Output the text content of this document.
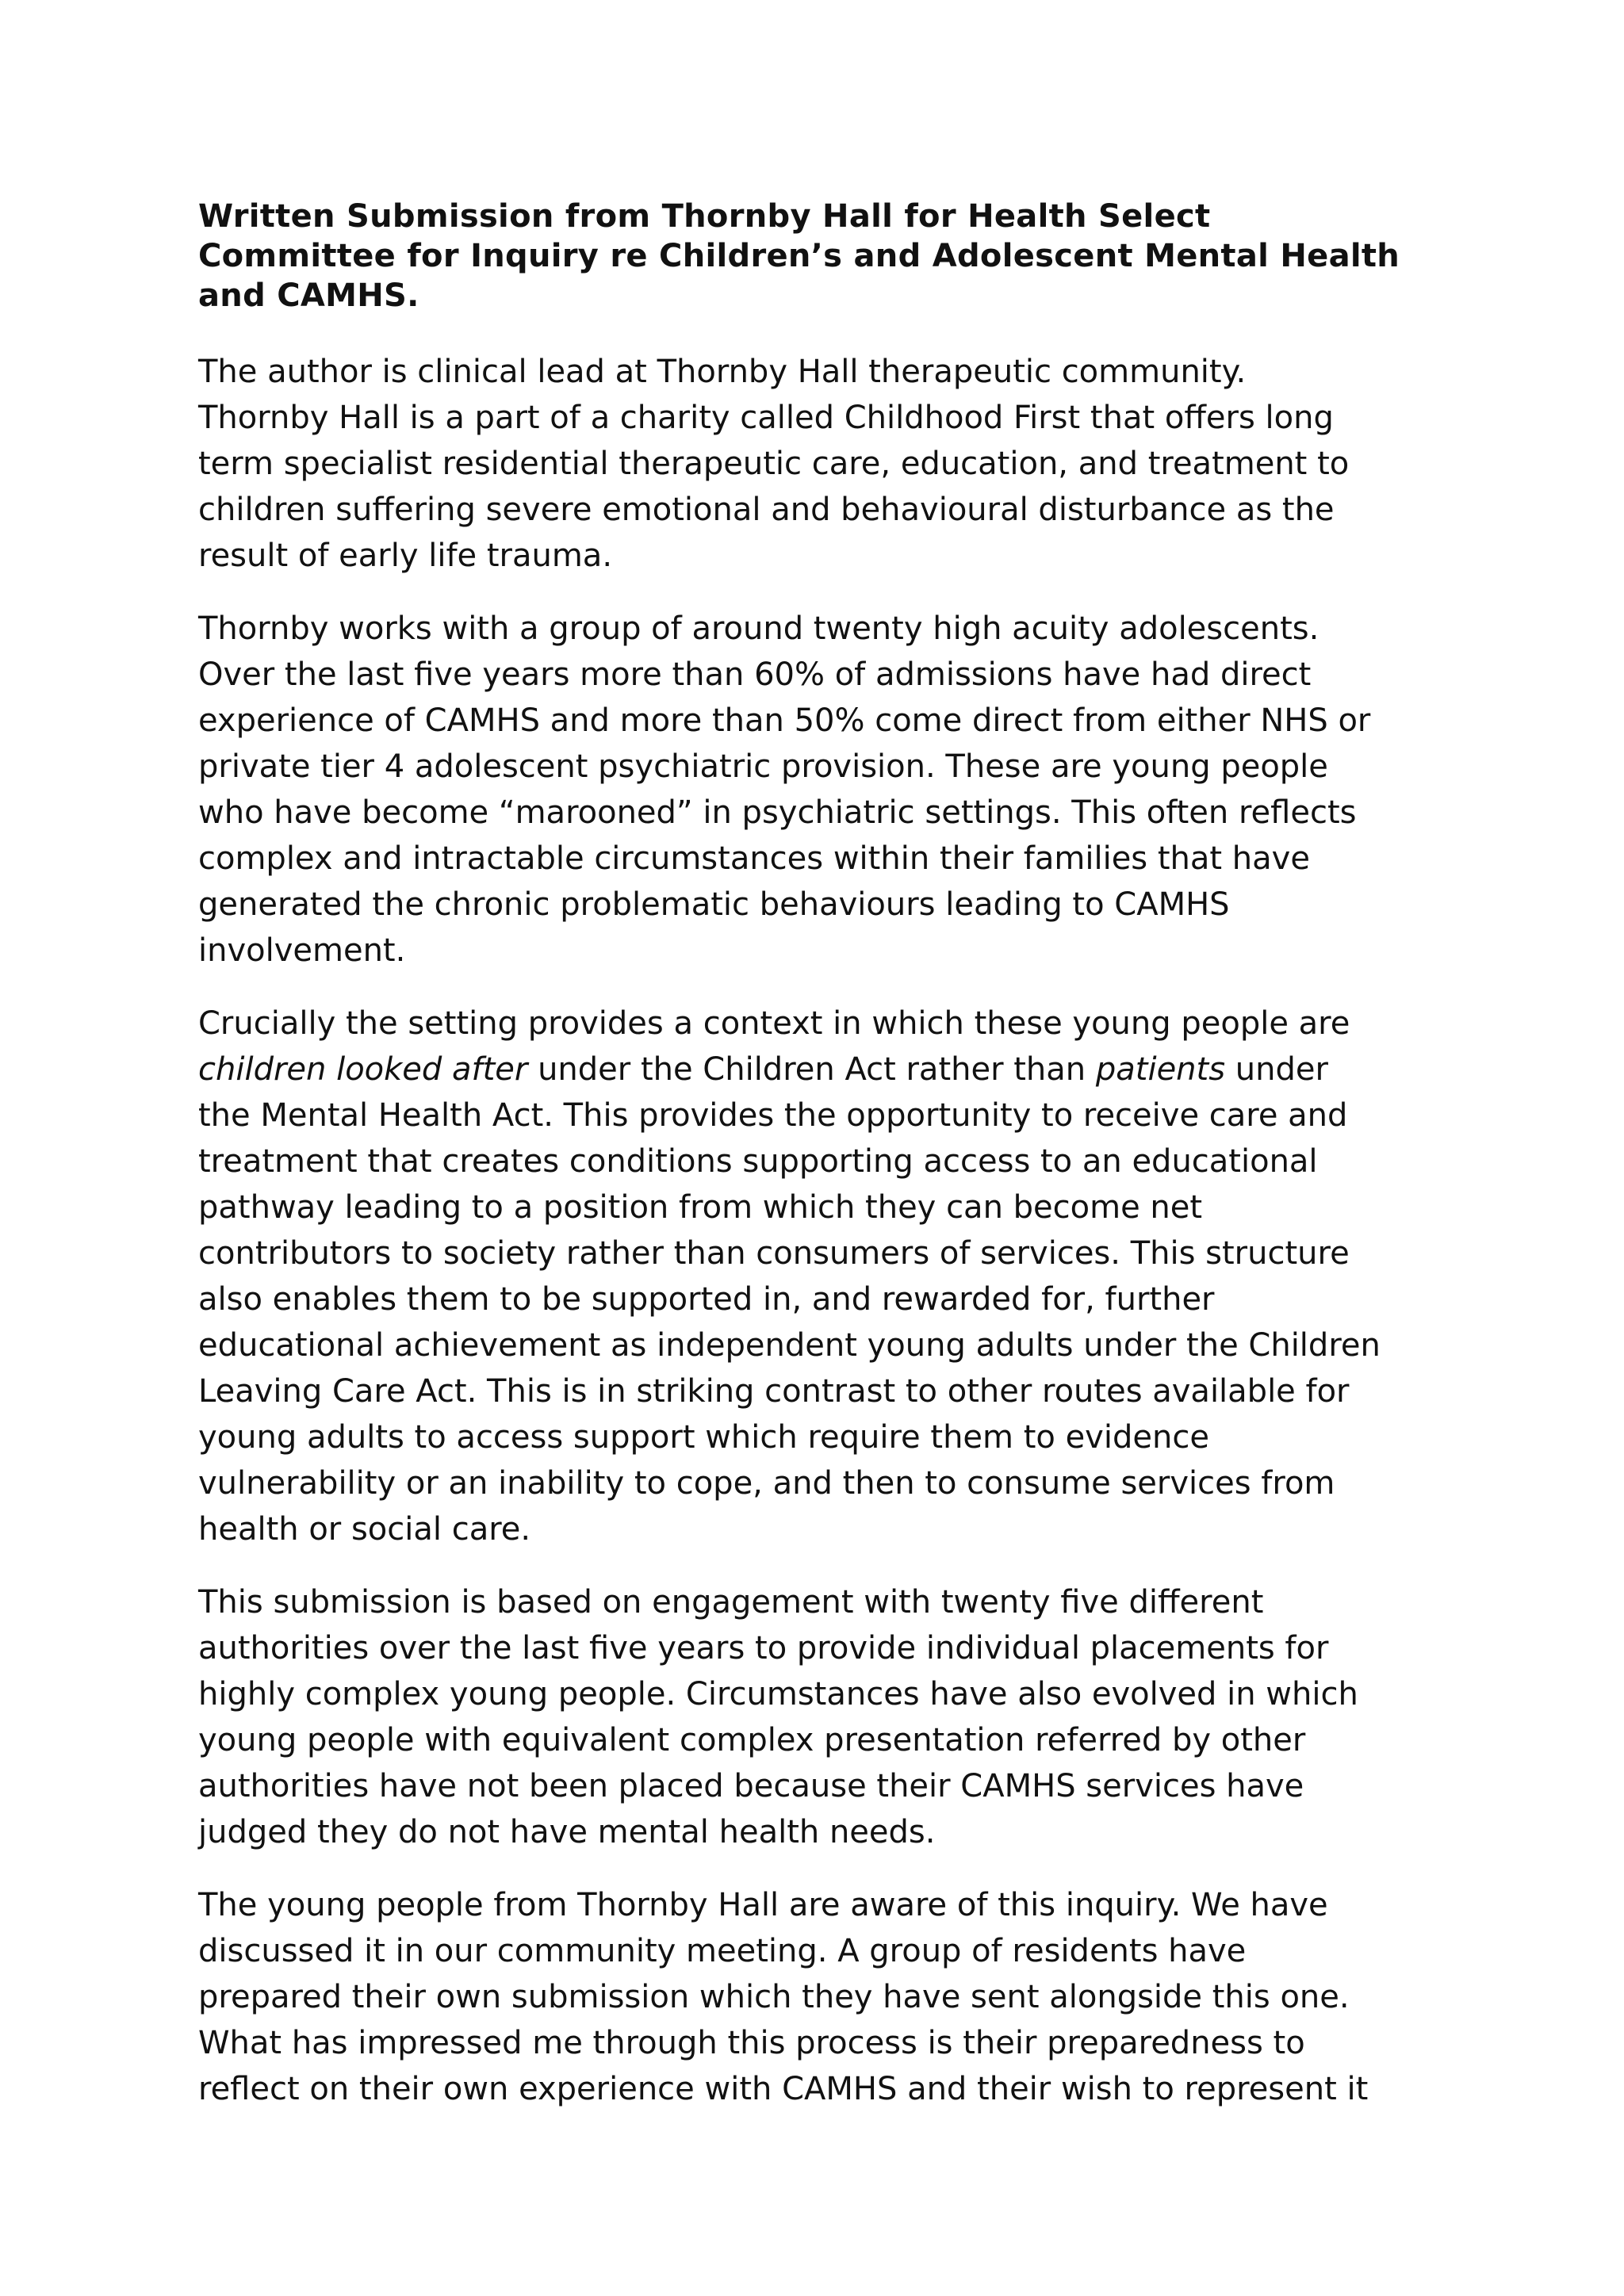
Written Submission from Thornby Hall for Health Select
Committee for Inquiry re Children’s and Adolescent Mental Health
and CAMHS.
The author is clinical lead at Thornby Hall therapeutic community.
Thornby Hall is a part of a charity called Childhood First that offers long
term specialist residential therapeutic care, education, and treatment to
children suffering severe emotional and behavioural disturbance as the
result of early life trauma.
Thornby works with a group of around twenty high acuity adolescents.
Over the last five years more than 60% of admissions have had direct
experience of CAMHS and more than 50% come direct from either NHS or
private tier 4 adolescent psychiatric provision. These are young people
who have become “marooned” in psychiatric settings. This often reflects
complex and intractable circumstances within their families that have
generated the chronic problematic behaviours leading to CAMHS
involvement.
Crucially the setting provides a context in which these young people are
children looked after under the Children Act rather than patients under
the Mental Health Act. This provides the opportunity to receive care and
treatment that creates conditions supporting access to an educational
pathway leading to a position from which they can become net
contributors to society rather than consumers of services. This structure
also enables them to be supported in, and rewarded for, further
educational achievement as independent young adults under the Children
Leaving Care Act. This is in striking contrast to other routes available for
young adults to access support which require them to evidence
vulnerability or an inability to cope, and then to consume services from
health or social care.
This submission is based on engagement with twenty five different
authorities over the last five years to provide individual placements for
highly complex young people. Circumstances have also evolved in which
young people with equivalent complex presentation referred by other
authorities have not been placed because their CAMHS services have
judged they do not have mental health needs.
The young people from Thornby Hall are aware of this inquiry. We have
discussed it in our community meeting. A group of residents have
prepared their own submission which they have sent alongside this one.
What has impressed me through this process is their preparedness to
reflect on their own experience with CAMHS and their wish to represent it
